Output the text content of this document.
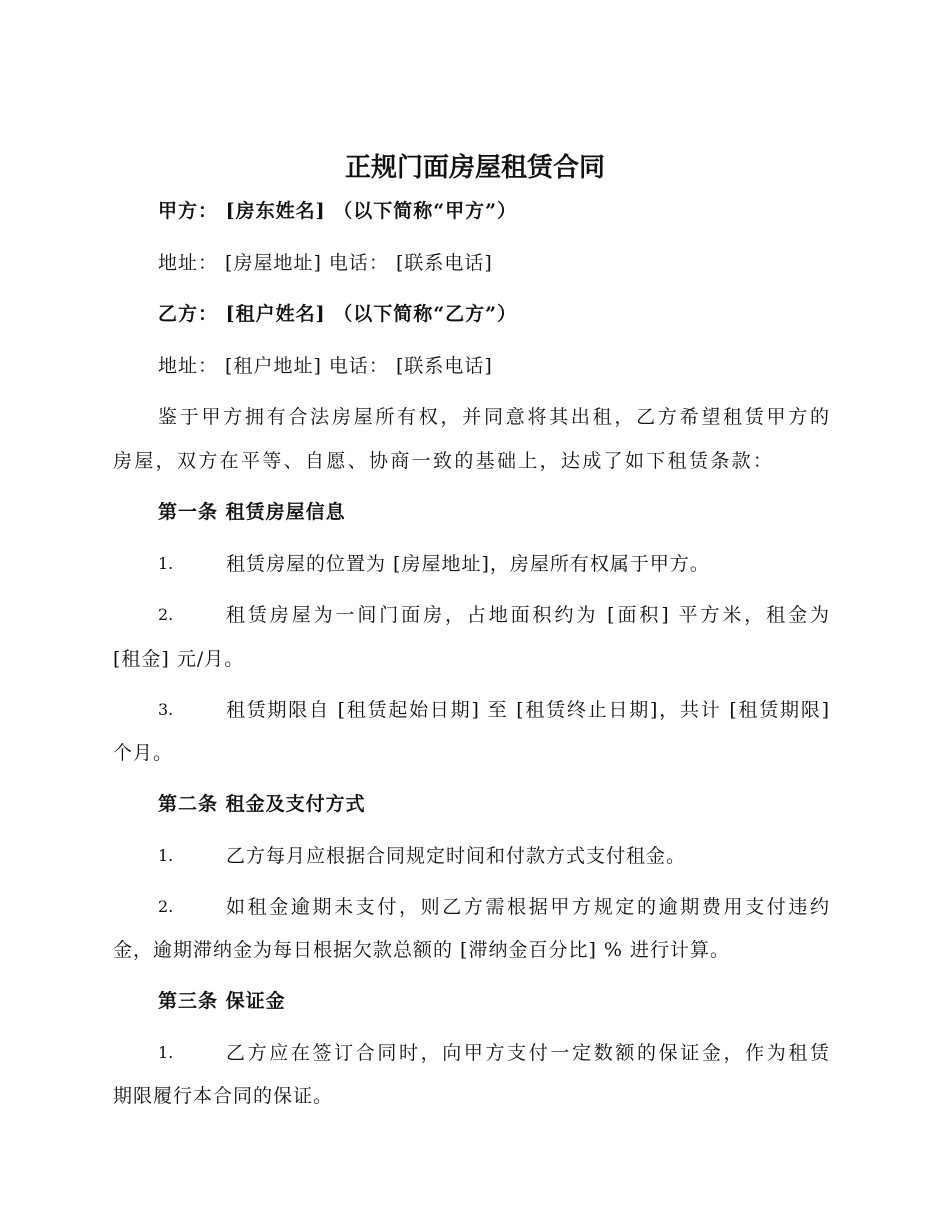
正规门面房屋租赁合同
甲方： [房东姓名] （以下简称“甲方”）
地址： [房屋地址] 电话： [联系电话]
乙方： [租户姓名] （以下简称“乙方”）
地址： [租户地址] 电话： [联系电话]
鉴于甲方拥有合法房屋所有权，并同意将其出租，乙方希望租赁甲方的
房屋，双方在平等、自愿、协商一致的基础上，达成了如下租赁条款：
第一条 租赁房屋信息
1.	租赁房屋的位置为 [房屋地址]，房屋所有权属于甲方。
2.	租赁房屋为一间门面房，占地面积约为 [面积] 平方米，租金为
[租金] 元/月。
3.	租赁期限自 [租赁起始日期] 至 [租赁终止日期]，共计 [租赁期限]
个月。
第二条 租金及支付方式
1.	乙方每月应根据合同规定时间和付款方式支付租金。
2.	如租金逾期未支付，则乙方需根据甲方规定的逾期费用支付违约
金，逾期滞纳金为每日根据欠款总额的 [滞纳金百分比] % 进行计算。
第三条 保证金
1.	乙方应在签订合同时，向甲方支付一定数额的保证金，作为租赁
期限履行本合同的保证。
